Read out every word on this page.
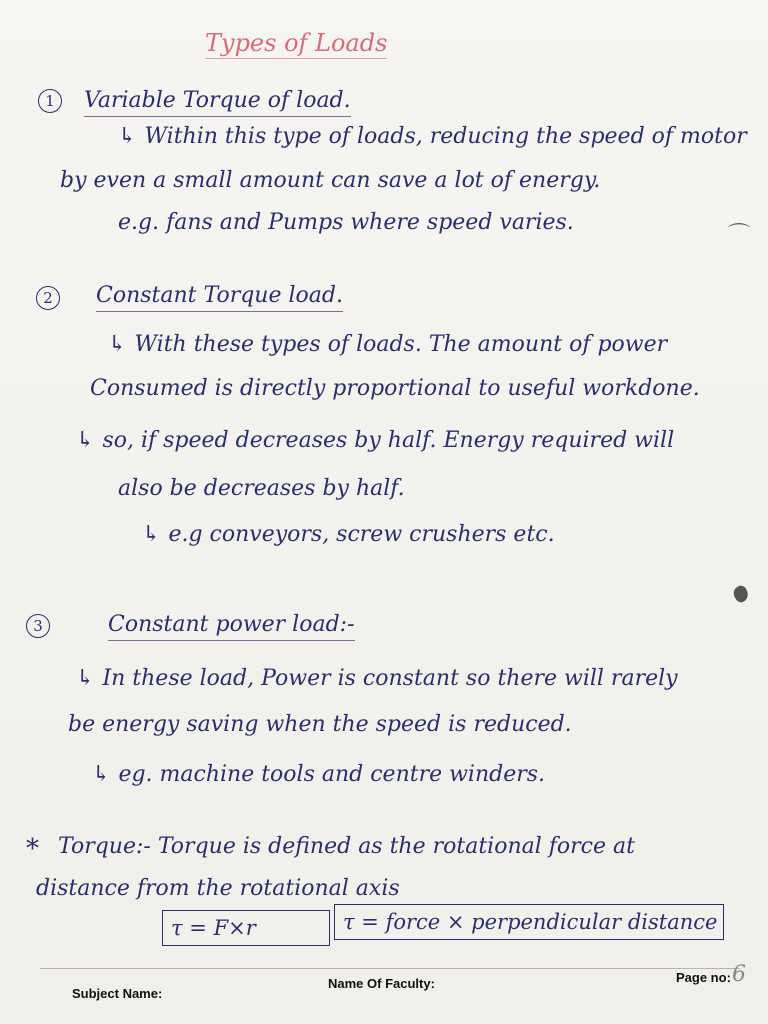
Types of Loads
1	Variable Torque of load.
↳ Within this type of loads, reducing the speed of motor
by even a small amount can save a lot of energy.
e.g. fans and Pumps where speed varies.
⌒
2	Constant Torque load.
↳ With these types of loads. The amount of power
Consumed is directly proportional to useful workdone.
↳ so, if speed decreases by half. Energy required will
also be decreases by half.
↳ e.g conveyors, screw crushers etc.
3	Constant power load:-
↳ In these load, Power is constant so there will rarely
be energy saving when the speed is reduced.
↳ eg. machine tools and centre winders.
* Torque:- Torque is defined as the rotational force at
distance from the rotational axis
τ = F×r	τ = force × perpendicular distance
Subject Name:
Name Of Faculty:	Page no: 6
